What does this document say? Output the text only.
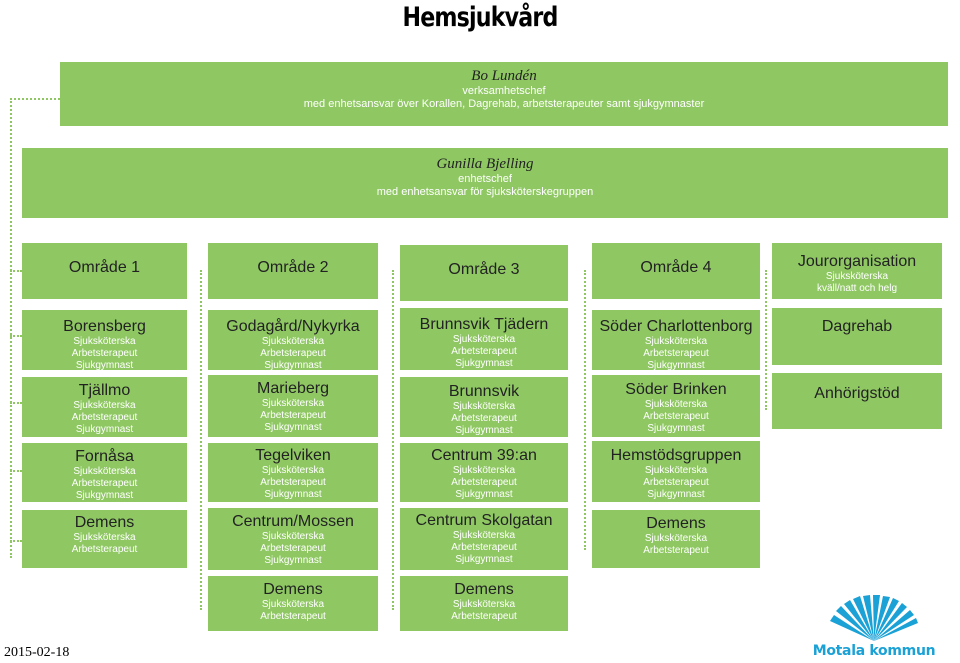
Hemsjukvård
Bo Lundén
verksamhetschef
med enhetsansvar över Korallen, Dagrehab, arbetsterapeuter samt sjukgymnaster
Gunilla Bjelling
enhetschef
med enhetsansvar för sjuksköterskegruppen
Område 1	Område 2	Område 3	Område 4	Jourorganisation
Sjuksköterska
kväll/natt och helg
Borensberg
Sjuksköterska
Arbetsterapeut
Sjukgymnast
Tjällmo
Sjuksköterska
Arbetsterapeut
Sjukgymnast
Fornåsa
Sjuksköterska
Arbetsterapeut
Sjukgymnast
Demens
Sjuksköterska
Arbetsterapeut
Godagård/Nykyrka
Sjuksköterska
Arbetsterapeut
Sjukgymnast
Marieberg
Sjuksköterska
Arbetsterapeut
Sjukgymnast
Tegelviken
Sjuksköterska
Arbetsterapeut
Sjukgymnast
Centrum/Mossen
Sjuksköterska
Arbetsterapeut
Sjukgymnast
Demens
Sjuksköterska
Arbetsterapeut
Brunnsvik Tjädern
Sjuksköterska
Arbetsterapeut
Sjukgymnast
Brunnsvik
Sjuksköterska
Arbetsterapeut
Sjukgymnast
Centrum 39:an
Sjuksköterska
Arbetsterapeut
Sjukgymnast
Centrum Skolgatan
Sjuksköterska
Arbetsterapeut
Sjukgymnast
Demens
Sjuksköterska
Arbetsterapeut
Söder Charlottenborg
Sjuksköterska
Arbetsterapeut
Sjukgymnast
Söder Brinken
Sjuksköterska
Arbetsterapeut
Sjukgymnast
Hemstödsgruppen
Sjuksköterska
Arbetsterapeut
Sjukgymnast
Demens
Sjuksköterska
Arbetsterapeut
Dagrehab
Anhörigstöd
2015-02-18	Motala kommun
